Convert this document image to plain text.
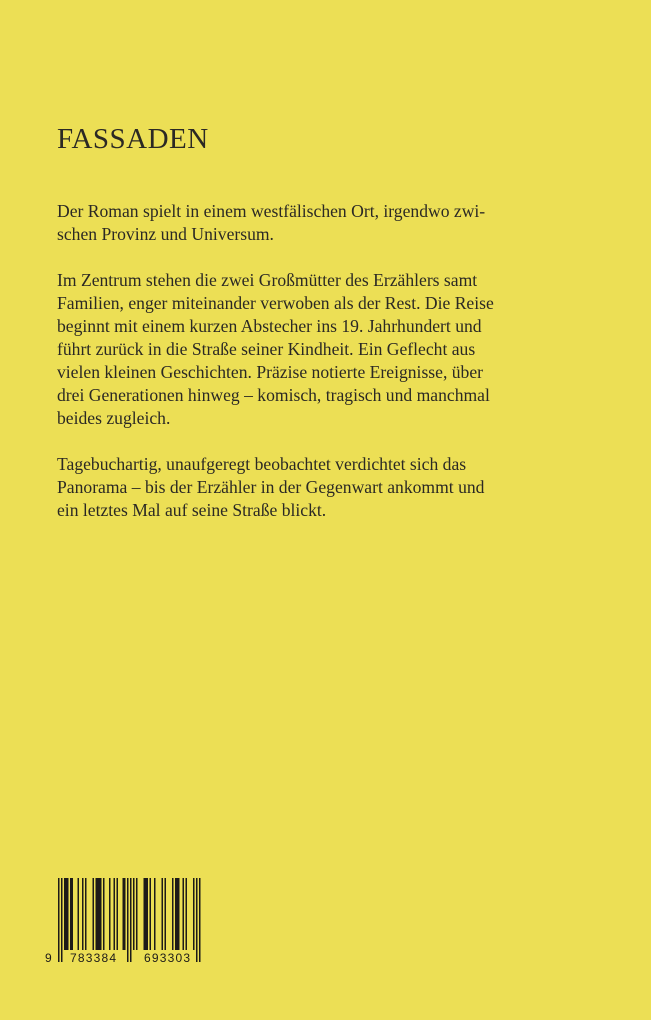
FASSADEN

Der Roman spielt in einem westfälischen Ort, irgendwo zwi-
schen Provinz und Universum.

Im Zentrum stehen die zwei Großmütter des Erzählers samt
Familien, enger miteinander verwoben als der Rest. Die Reise
beginnt mit einem kurzen Abstecher ins 19. Jahrhundert und
führt zurück in die Straße seiner Kindheit. Ein Geflecht aus
vielen kleinen Geschichten. Präzise notierte Ereignisse, über
drei Generationen hinweg – komisch, tragisch und manchmal
beides zugleich.

Tagebuchartig, unaufgeregt beobachtet verdichtet sich das
Panorama – bis der Erzähler in der Gegenwart ankommt und
ein letztes Mal auf seine Straße blickt.

9 783384 693303
